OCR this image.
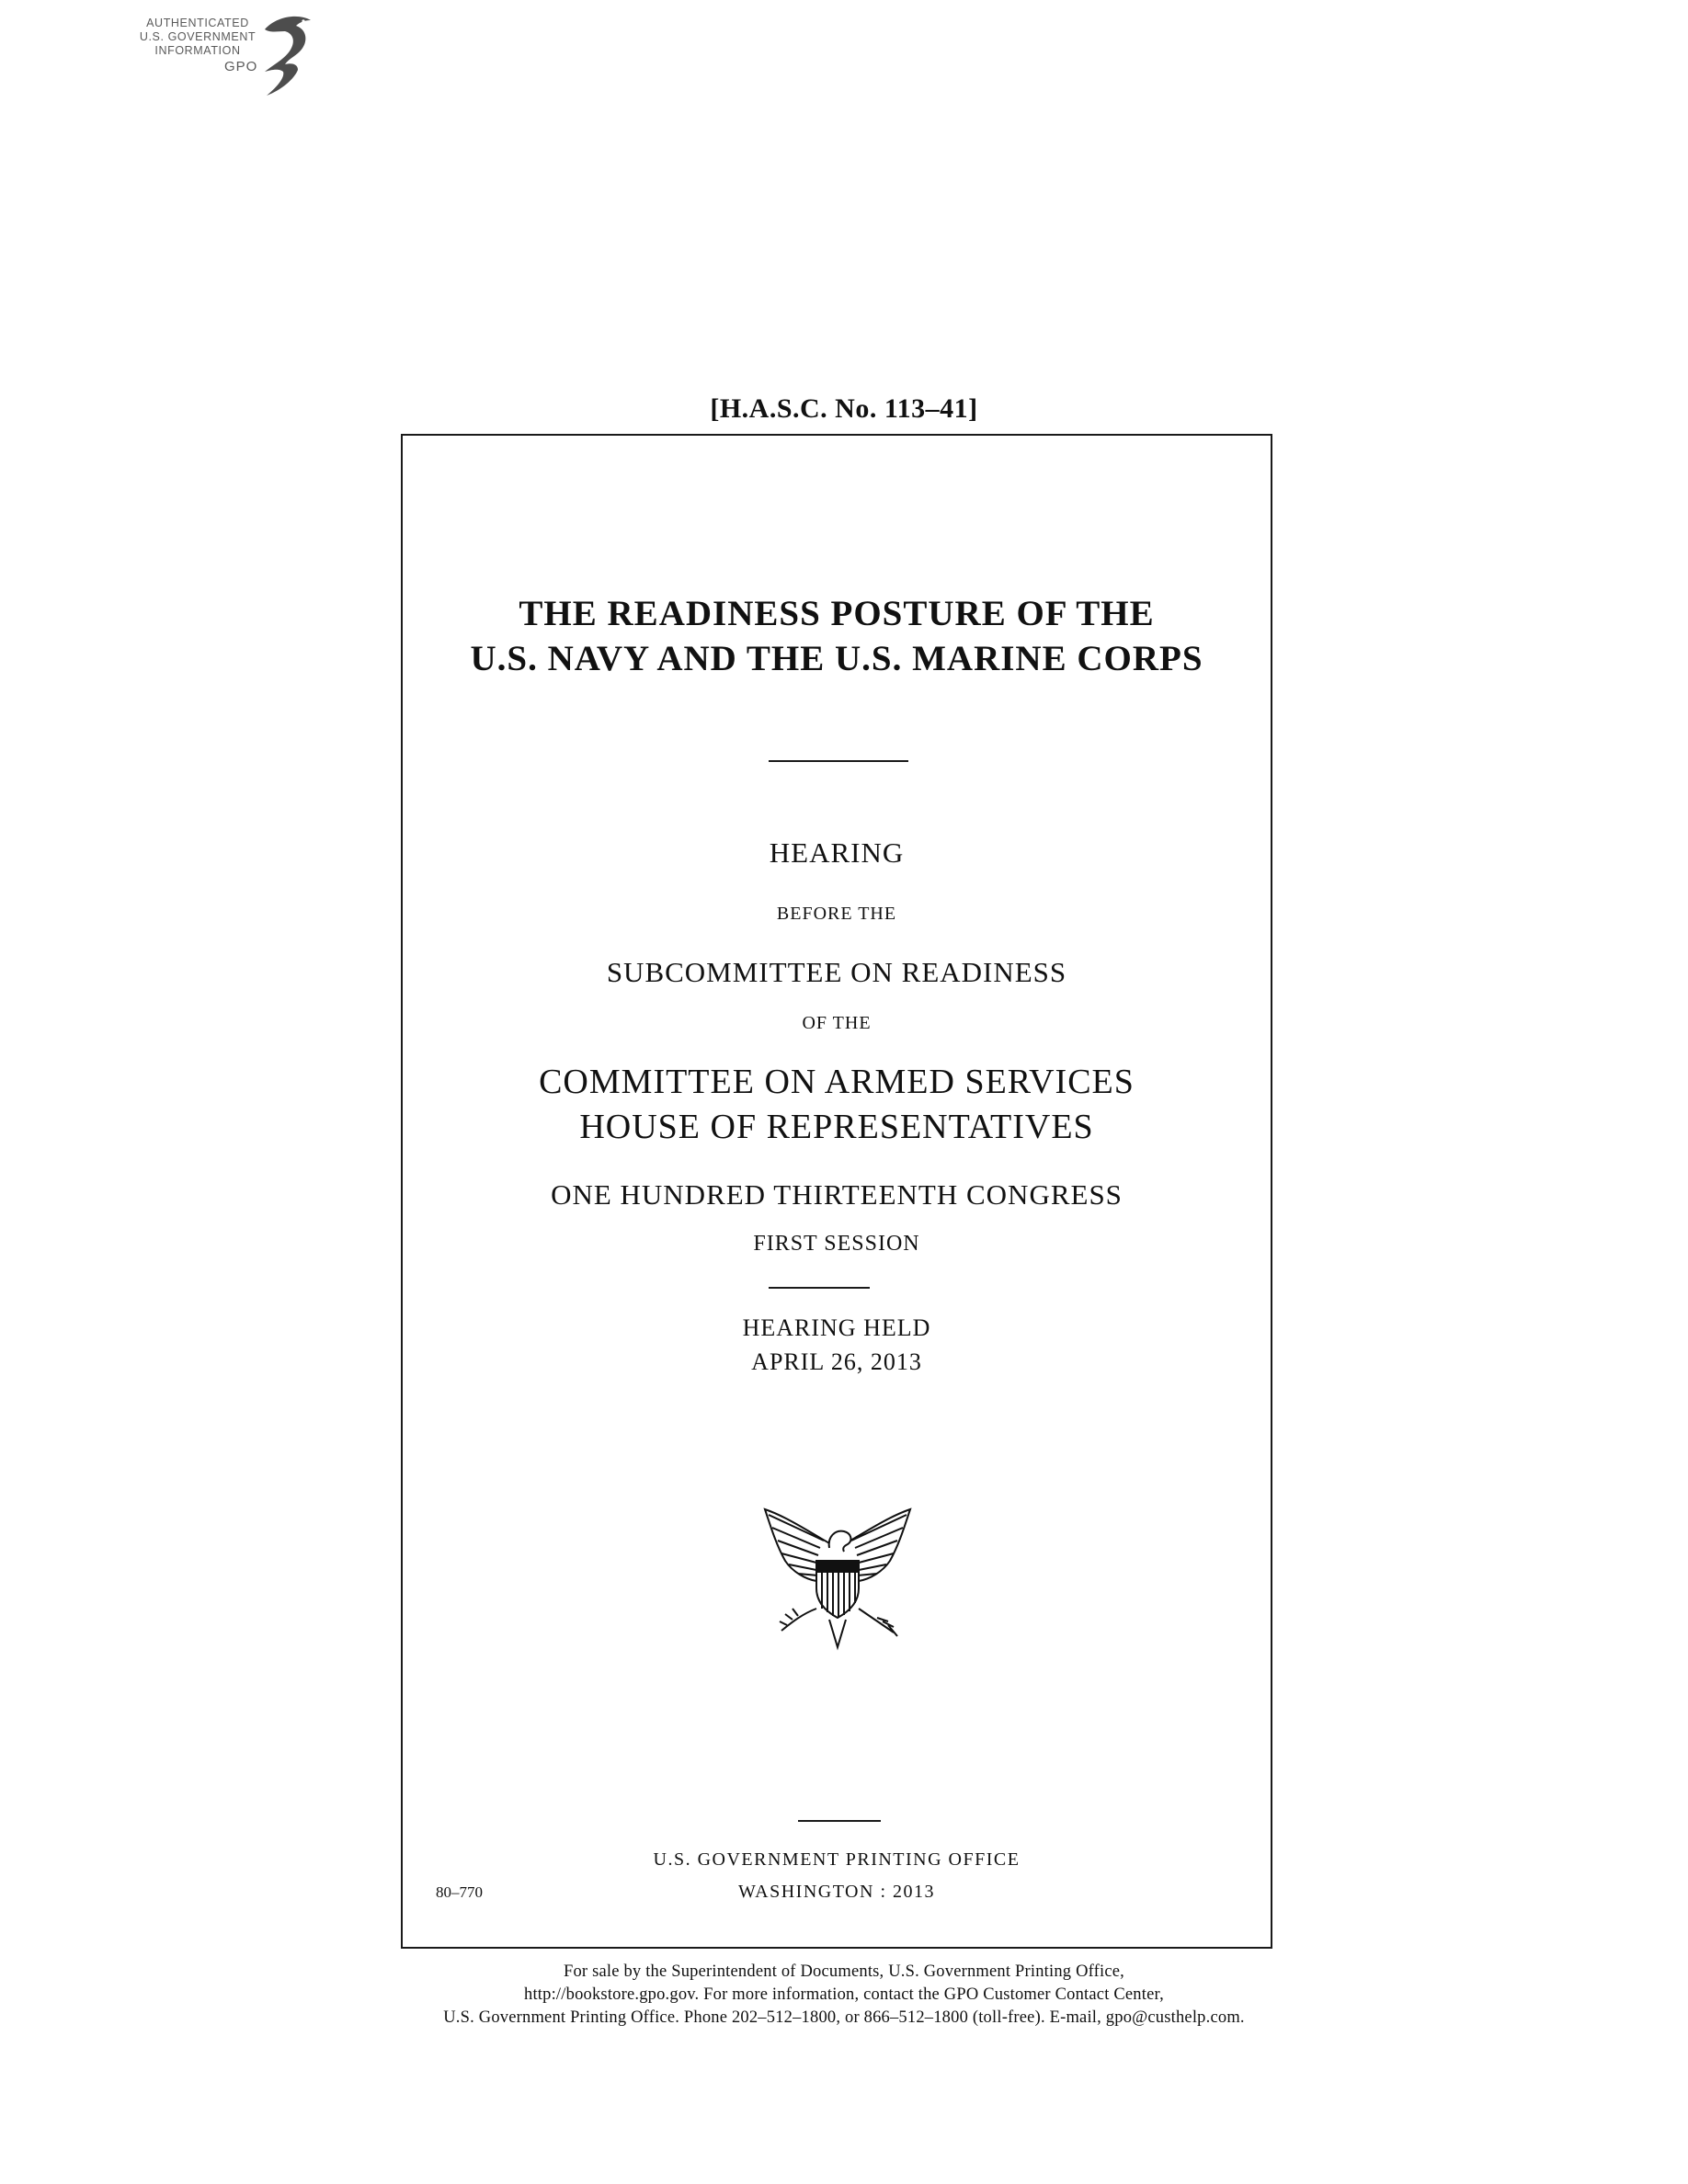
AUTHENTICATED
U.S. GOVERNMENT
INFORMATION
GPO
[H.A.S.C. No. 113–41]
THE READINESS POSTURE OF THE
U.S. NAVY AND THE U.S. MARINE CORPS
HEARING
BEFORE THE
SUBCOMMITTEE ON READINESS
OF THE
COMMITTEE ON ARMED SERVICES
HOUSE OF REPRESENTATIVES
ONE HUNDRED THIRTEENTH CONGRESS
FIRST SESSION
HEARING HELD
APRIL 26, 2013
U.S. GOVERNMENT PRINTING OFFICE
WASHINGTON : 2013
80–770
For sale by the Superintendent of Documents, U.S. Government Printing Office,
http://bookstore.gpo.gov. For more information, contact the GPO Customer Contact Center,
U.S. Government Printing Office. Phone 202–512–1800, or 866–512–1800 (toll-free). E-mail, gpo@custhelp.com.
